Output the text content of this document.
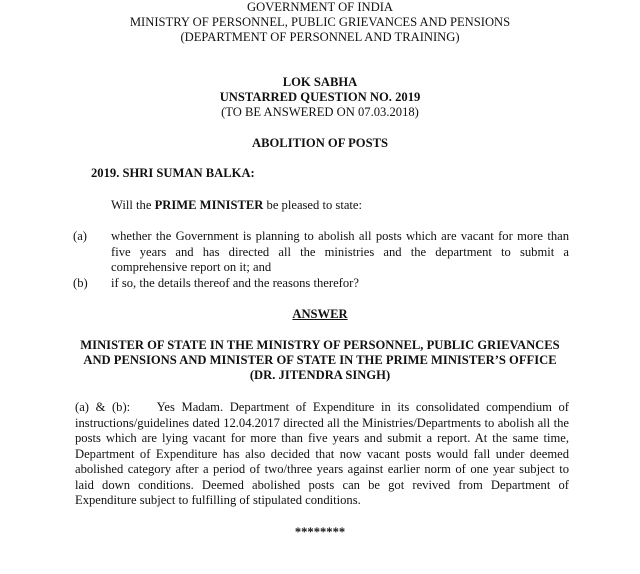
GOVERNMENT OF INDIA
MINISTRY OF PERSONNEL, PUBLIC GRIEVANCES AND PENSIONS
(DEPARTMENT OF PERSONNEL AND TRAINING)
LOK SABHA
UNSTARRED QUESTION NO. 2019
(TO BE ANSWERED ON 07.03.2018)
ABOLITION OF POSTS
2019. SHRI SUMAN BALKA:
Will the PRIME MINISTER be pleased to state:
(a) whether the Government is planning to abolish all posts which are vacant for more than five years and has directed all the ministries and the department to submit a comprehensive report on it; and
(b) if so, the details thereof and the reasons therefor?
ANSWER
MINISTER OF STATE IN THE MINISTRY OF PERSONNEL, PUBLIC GRIEVANCES
AND PENSIONS AND MINISTER OF STATE IN THE PRIME MINISTER’S OFFICE
(DR. JITENDRA SINGH)
(a) & (b):    Yes Madam. Department of Expenditure in its consolidated compendium of instructions/guidelines dated 12.04.2017 directed all the Ministries/Departments to abolish all the posts which are lying vacant for more than five years and submit a report. At the same time, Department of Expenditure has also decided that now vacant posts would fall under deemed abolished category after a period of two/three years against earlier norm of one year subject to laid down conditions. Deemed abolished posts can be got revived from Department of Expenditure subject to fulfilling of stipulated conditions.
********
